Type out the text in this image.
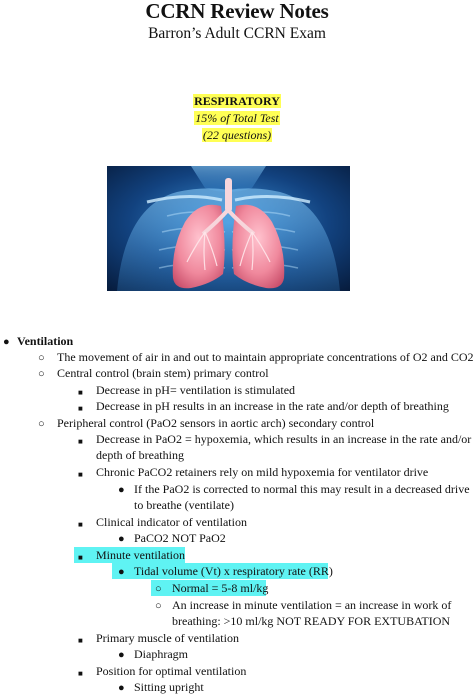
CCRN Review Notes
Barron’s Adult CCRN Exam
RESPIRATORY
15% of Total Test
(22 questions)
● Ventilation
○ The movement of air in and out to maintain appropriate concentrations of O2 and CO2
○ Central control (brain stem) primary control
■ Decrease in pH= ventilation is stimulated
■ Decrease in pH results in an increase in the rate and/or depth of breathing
○ Peripheral control (PaO2 sensors in aortic arch) secondary control
■ Decrease in PaO2 = hypoxemia, which results in an increase in the rate and/or depth of breathing
■ Chronic PaCO2 retainers rely on mild hypoxemia for ventilator drive
● If the PaO2 is corrected to normal this may result in a decreased drive to breathe (ventilate)
■ Clinical indicator of ventilation
● PaCO2 NOT PaO2
■ Minute ventilation
● Tidal volume (Vt) x respiratory rate (RR)
○ Normal = 5-8 ml/kg
○ An increase in minute ventilation = an increase in work of breathing: >10 ml/kg NOT READY FOR EXTUBATION
■ Primary muscle of ventilation
● Diaphragm
■ Position for optimal ventilation
● Sitting upright
